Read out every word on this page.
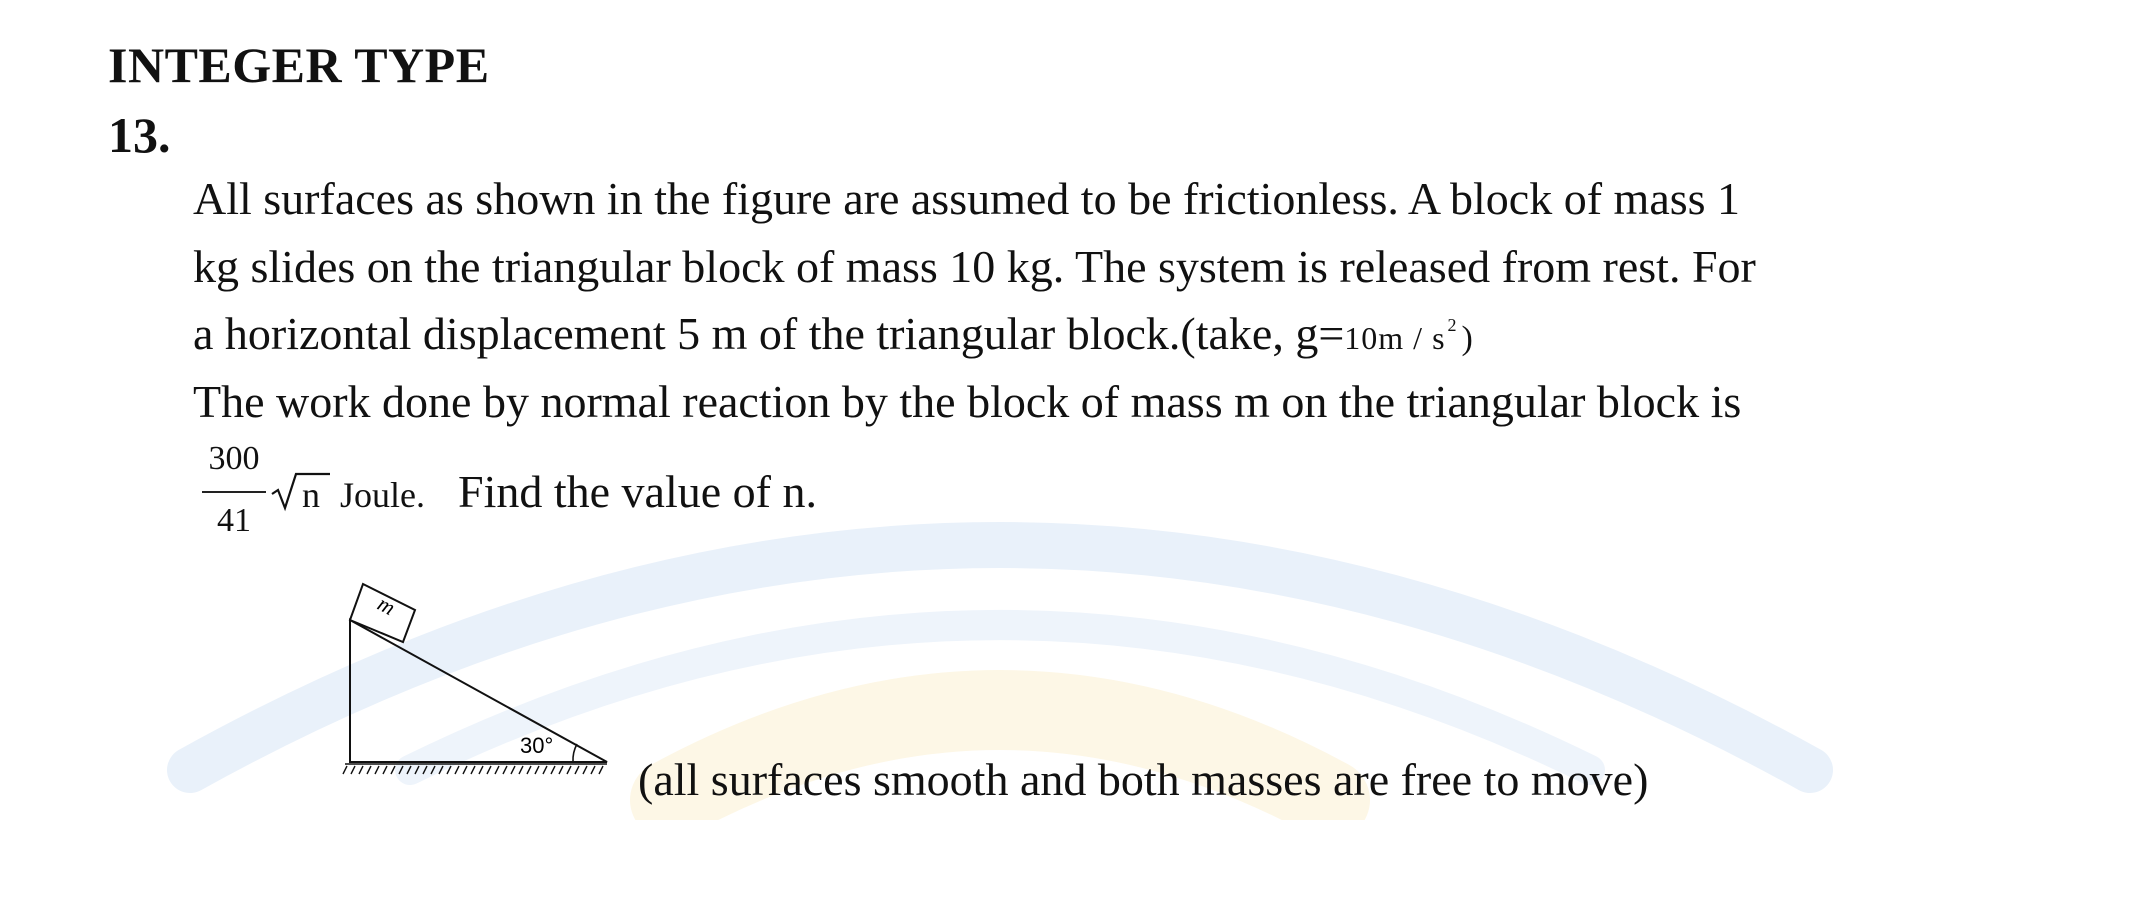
INTEGER TYPE
13.
All surfaces as shown in the figure are assumed to be frictionless. A block of mass 1
kg slides on the triangular block of mass 10 kg. The system is released from rest. For
a horizontal displacement 5 m of the triangular block.(take, g=10m / s $^2$ )
The work done by normal reaction by the block of mass m on the triangular block is
300
41
n Joule. Find the value of n.
m
30°
(all surfaces smooth and both masses are free to move)
